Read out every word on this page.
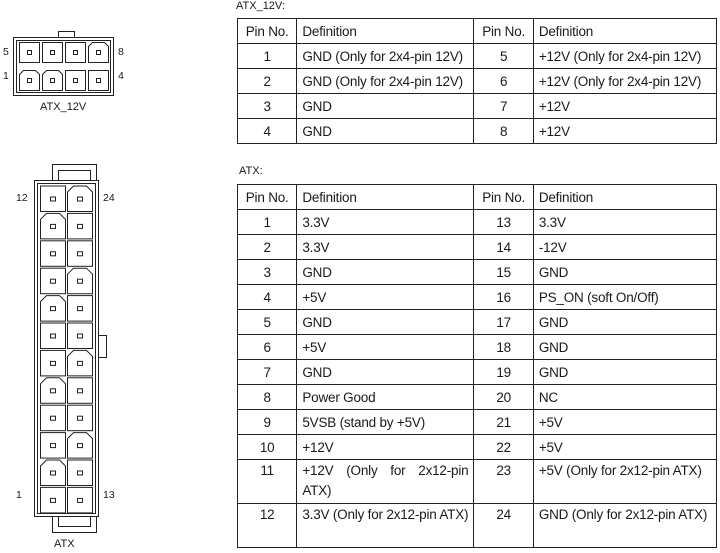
5	8
1	4
ATX_12V
12	24
1	13
ATX
ATX_12V:
ATX:
Pin No.	Definition	Pin No.	Definition
1	GND (Only for 2x4-pin 12V)	5	+12V (Only for 2x4-pin 12V)
2	GND (Only for 2x4-pin 12V)	6	+12V (Only for 2x4-pin 12V)
3	GND	7	+12V
4	GND	8	+12V
Pin No.	Definition	Pin No.	Definition
1	3.3V	13	3.3V
2	3.3V	14	-12V
3	GND	15	GND
4	+5V	16	PS_ON (soft On/Off)
5	GND	17	GND
6	+5V	18	GND
7	GND	19	GND
8	Power Good	20	NC
9	5VSB (stand by +5V)	21	+5V
10	+12V	22	+5V
11	+12V (Only for 2x12-pin ATX)	23	+5V (Only for 2x12-pin ATX)
12	3.3V (Only for 2x12-pin ATX)	24	GND (Only for 2x12-pin ATX)
